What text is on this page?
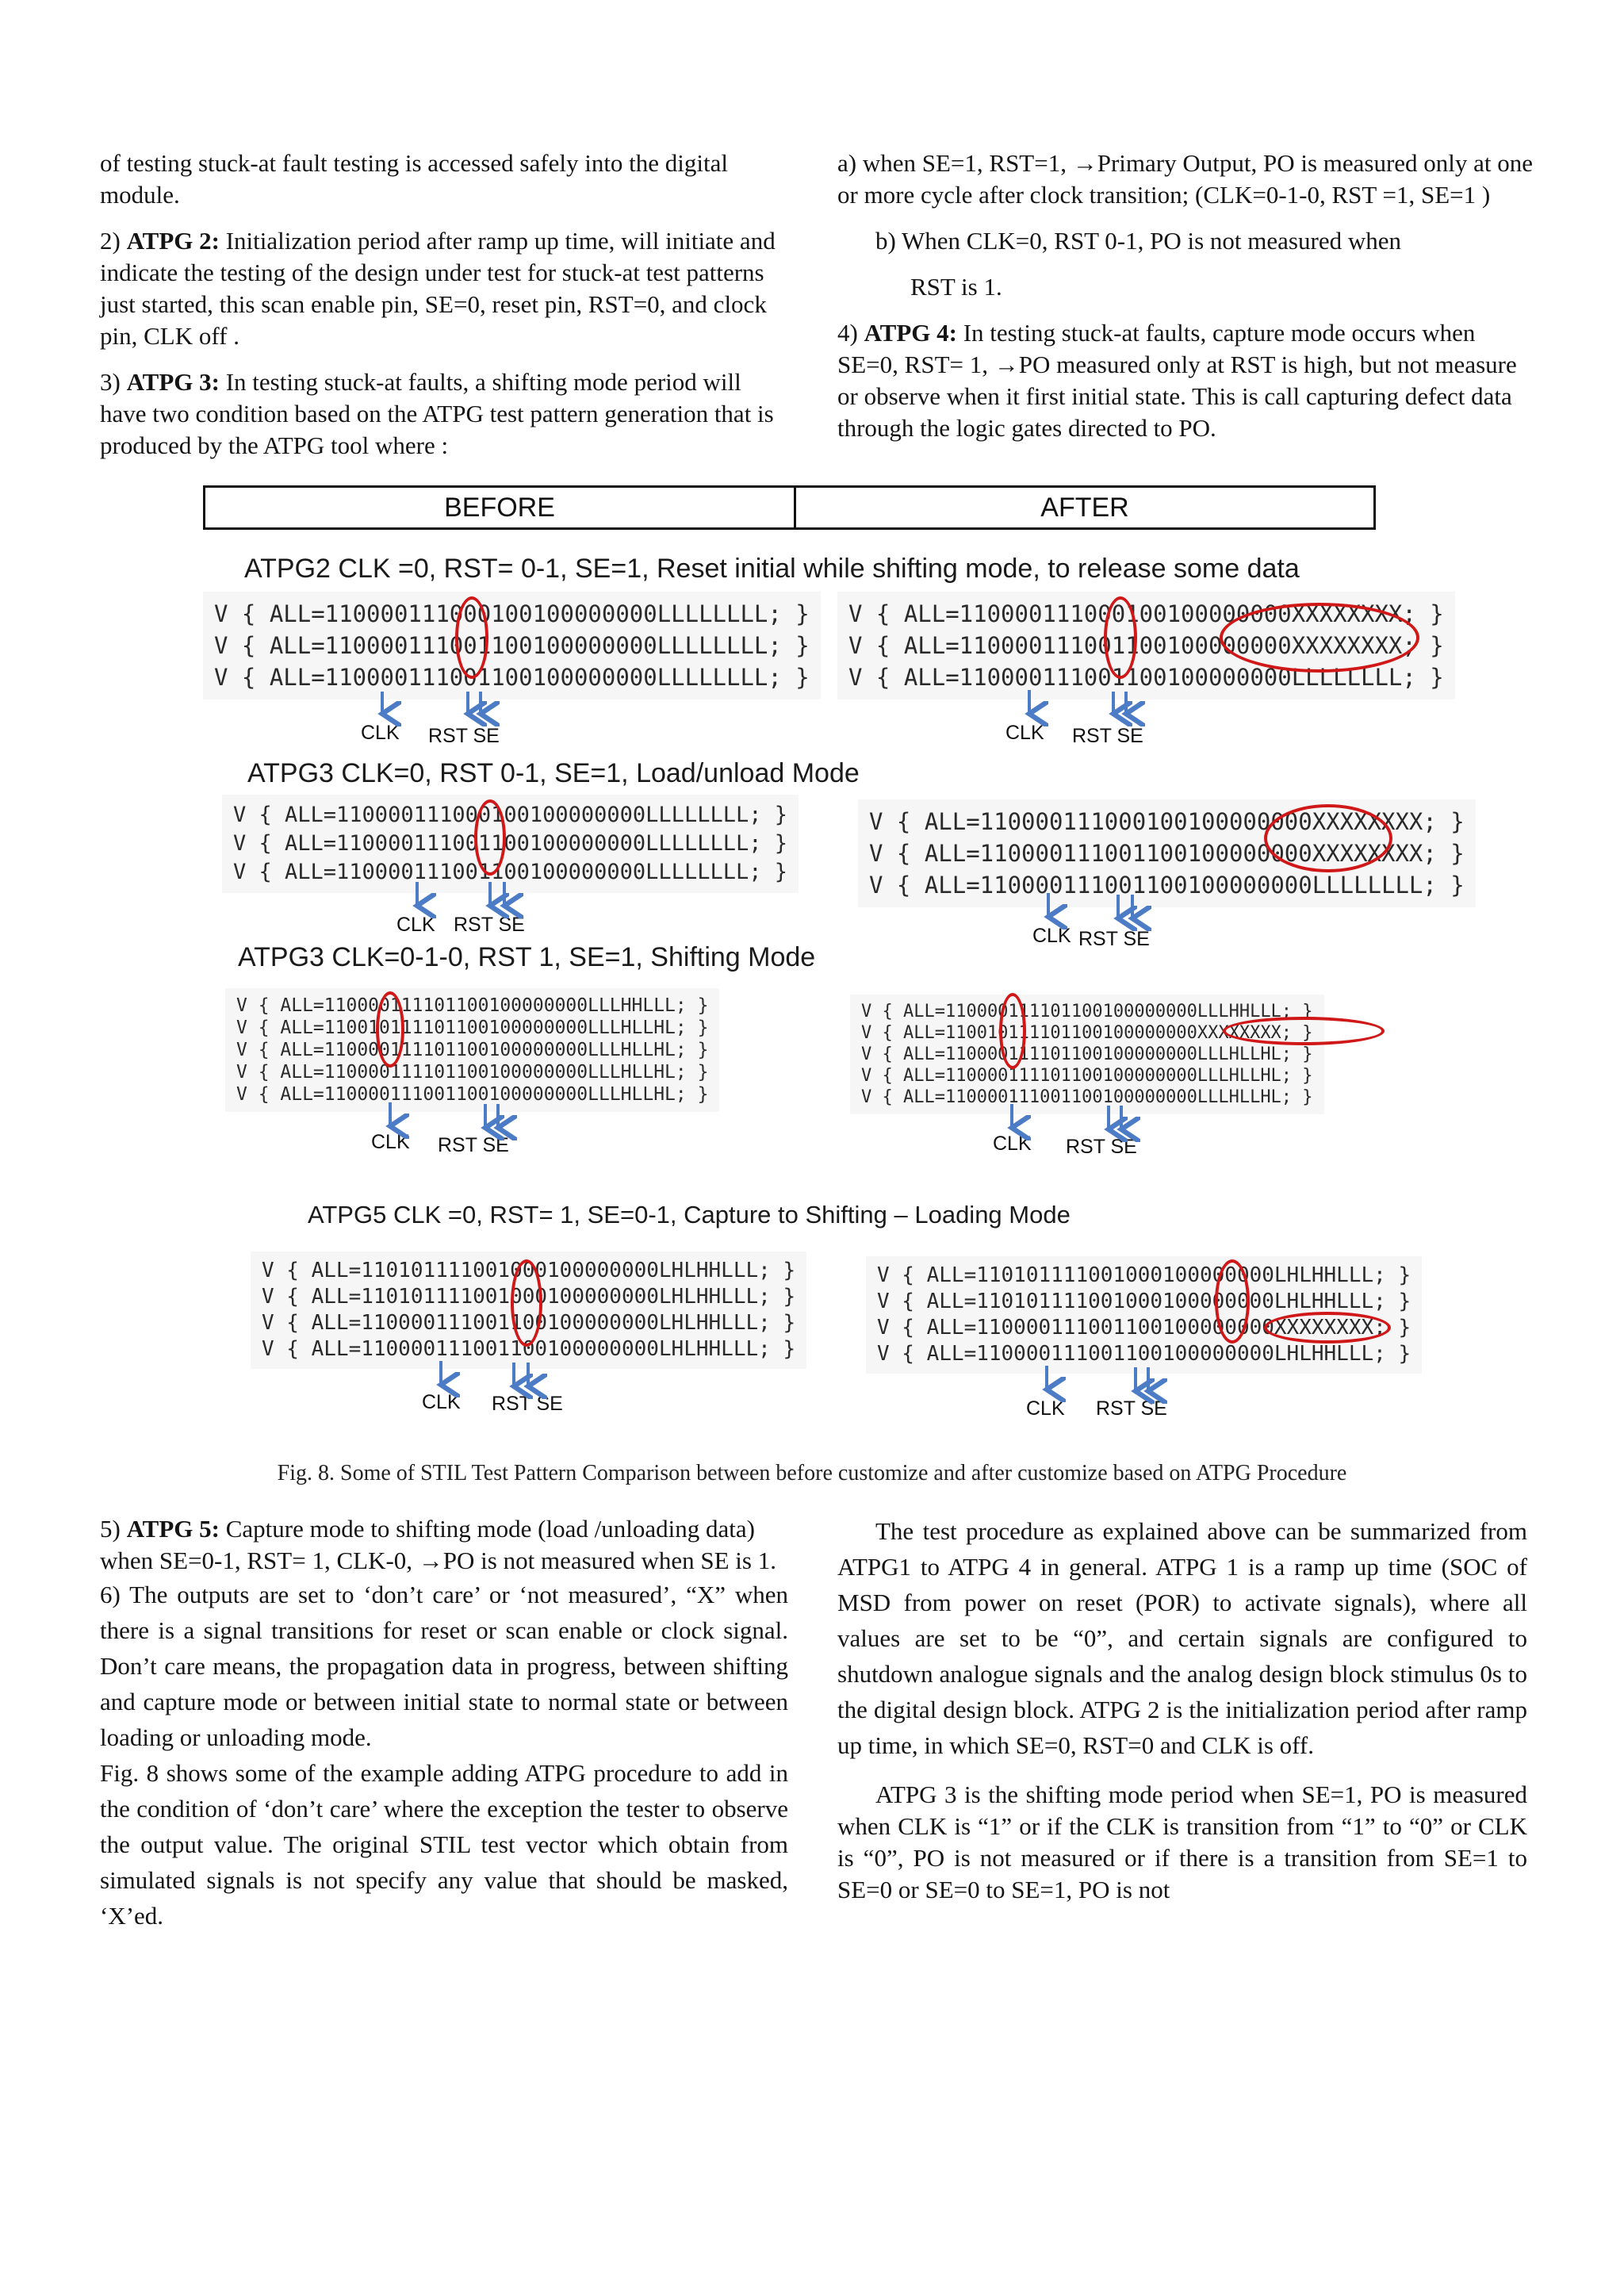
of testing stuck-at fault testing is accessed safely into the digital module.

2) ATPG 2: Initialization period after ramp up time, will initiate and indicate the testing of the design under test for stuck-at test patterns just started, this scan enable pin, SE=0, reset pin, RST=0, and clock pin, CLK off .

3) ATPG 3: In testing stuck-at faults, a shifting mode period will have two condition based on the ATPG test pattern generation that is produced by the ATPG tool where :

a) when SE=1, RST=1, →Primary Output, PO is measured only at one or more cycle after clock transition; (CLK=0-1-0, RST =1, SE=1 )

b) When CLK=0, RST 0-1, PO is not measured when

RST is 1.

4) ATPG 4: In testing stuck-at faults, capture mode occurs when SE=0, RST= 1, →PO measured only at RST is high, but not measure or observe when it first initial state. This is call capturing defect data through the logic gates directed to PO.

BEFORE	AFTER
ATPG2 CLK =0, RST= 0-1, SE=1, Reset initial while shifting mode, to release some data
V { ALL=110000111000100100000000LLLLLLLL; }
V { ALL=110000111001100100000000LLLLLLLL; }
V { ALL=110000111001100100000000LLLLLLLL; }
V { ALL=110000111000100100000000XXXXXXXX; }
V { ALL=110000111001100100000000XXXXXXXX; }
V { ALL=110000111001100100000000LLLLLLLL; }
CLK RST SE	CLK RST SE
ATPG3 CLK=0, RST 0-1, SE=1, Load/unload Mode
V { ALL=110000111000100100000000LLLLLLLL; }
V { ALL=110000111001100100000000LLLLLLLL; }
V { ALL=110000111001100100000000LLLLLLLL; }
V { ALL=110000111000100100000000XXXXXXXX; }
V { ALL=110000111001100100000000XXXXXXXX; }
V { ALL=110000111001100100000000LLLLLLLL; }
CLK RST SE	CLK RST SE
ATPG3 CLK=0-1-0, RST 1, SE=1, Shifting Mode
V { ALL=110000111101100100000000LLLHHLLL; }
V { ALL=110010111101100100000000LLLHLLHL; }
V { ALL=110000111101100100000000LLLHLLHL; }
V { ALL=110000111101100100000000LLLHLLHL; }
V { ALL=110000111001100100000000LLLHLLHL; }
V { ALL=110000111101100100000000LLLHHLLL; }
V { ALL=110010111101100100000000XXXXXXXX; }
V { ALL=110000111101100100000000LLLHLLHL; }
V { ALL=110000111101100100000000LLLHLLHL; }
V { ALL=110000111001100100000000LLLHLLHL; }
CLK RST SE	CLK RST SE
ATPG5 CLK =0, RST= 1, SE=0-1, Capture to Shifting – Loading Mode
V { ALL=110101111001000100000000LHLHHLLL; }
V { ALL=110101111001000100000000LHLHHLLL; }
V { ALL=110000111001100100000000LHLHHLLL; }
V { ALL=110000111001100100000000LHLHHLLL; }
V { ALL=110101111001000100000000LHLHHLLL; }
V { ALL=110101111001000100000000LHLHHLLL; }
V { ALL=110000111001100100000000XXXXXXXX; }
V { ALL=110000111001100100000000LHLHHLLL; }
CLK RST SE	CLK RST SE
Fig. 8. Some of STIL Test Pattern Comparison between before customize and after customize based on ATPG Procedure

5) ATPG 5: Capture mode to shifting mode (load /unloading data) when SE=0-1, RST= 1, CLK-0, →PO is not measured when SE is 1.

6) The outputs are set to ‘don’t care’ or ‘not measured’, “X” when there is a signal transitions for reset or scan enable or clock signal. Don’t care means, the propagation data in progress, between shifting and capture mode or between initial state to normal state or between loading or unloading mode.

Fig. 8 shows some of the example adding ATPG procedure to add in the condition of ‘don’t care’ where the exception the tester to observe the output value. The original STIL test vector which obtain from simulated signals is not specify any value that should be masked, ‘X’ed.

The test procedure as explained above can be summarized from ATPG1 to ATPG 4 in general. ATPG 1 is a ramp up time (SOC of MSD from power on reset (POR) to activate signals), where all values are set to be “0”, and certain signals are configured to shutdown analogue signals and the analog design block stimulus 0s to the digital design block. ATPG 2 is the initialization period after ramp up time, in which SE=0, RST=0 and CLK is off.

ATPG 3 is the shifting mode period when SE=1, PO is measured when CLK is “1” or if the CLK is transition from “1” to “0” or CLK is “0”, PO is not measured or if there is a transition from SE=1 to SE=0 or SE=0 to SE=1, PO is not
